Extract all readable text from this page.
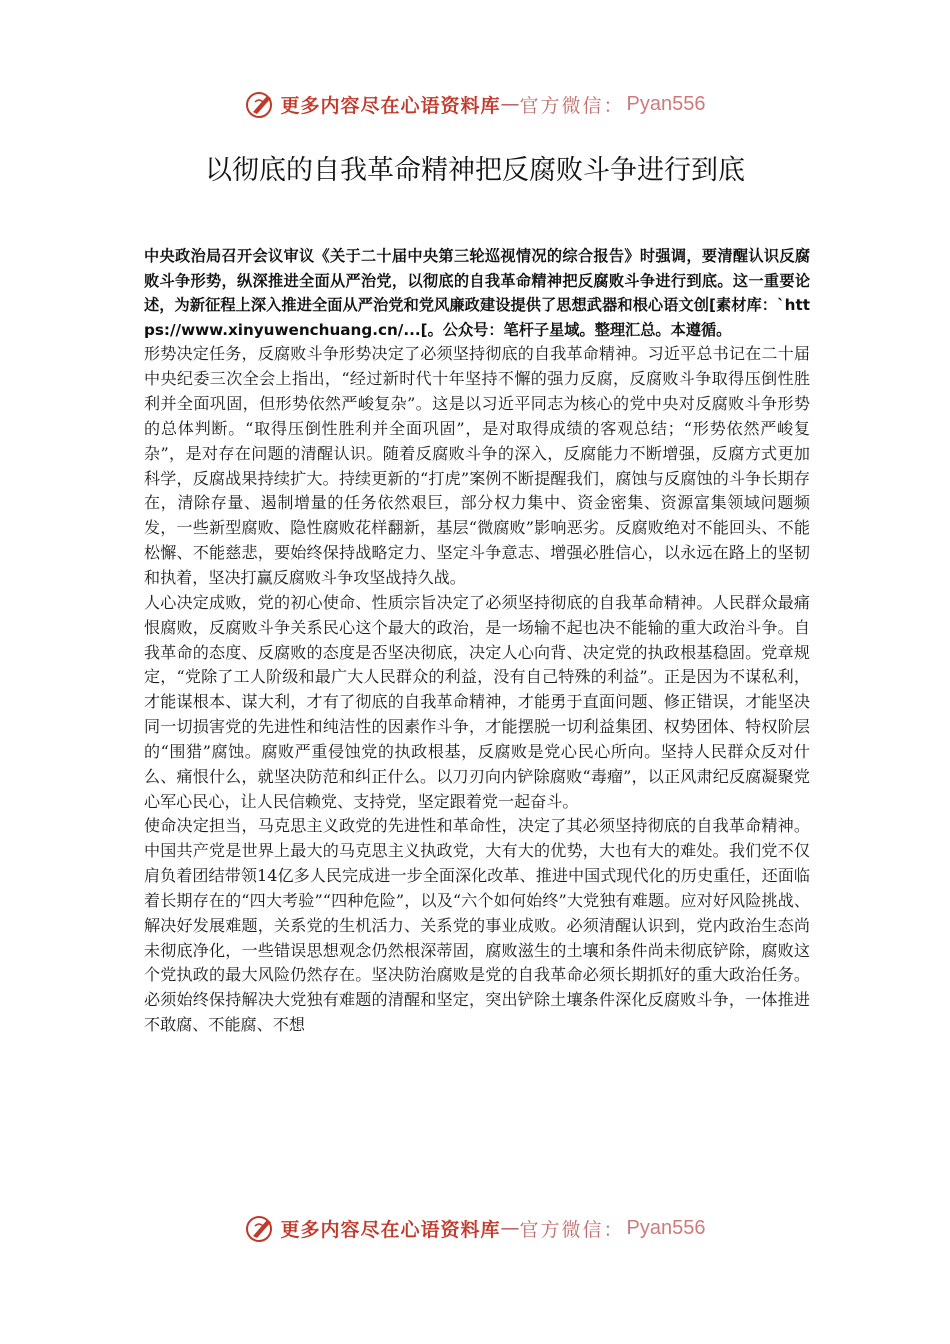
更多内容尽在心语资料库 — 官方微信： Pyan556
以彻底的自我革命精神把反腐败斗争进行到底

中央政治局召开会议审议《关于二十届中央第三轮巡视情况的综合报告》时强调，要清醒认识反腐败斗争形势，纵深推进全面从严治党，以彻底的自我革命精神把反腐败斗争进行到底。这一重要论述，为新征程上深入推进全面从严治党和党风廉政建设提供了思想武器和根心语文创[素材库：`https://www.xinyuwenchuang.cn/...[。公众号：笔杆子星域。整理汇总。本遵循。

形势决定任务，反腐败斗争形势决定了必须坚持彻底的自我革命精神。习近平总书记在二十届中央纪委三次全会上指出，“经过新时代十年坚持不懈的强力反腐，反腐败斗争取得压倒性胜利并全面巩固，但形势依然严峻复杂”。这是以习近平同志为核心的党中央对反腐败斗争形势的总体判断。“取得压倒性胜利并全面巩固”，是对取得成绩的客观总结；“形势依然严峻复杂”，是对存在问题的清醒认识。随着反腐败斗争的深入，反腐能力不断增强，反腐方式更加科学，反腐战果持续扩大。持续更新的“打虎”案例不断提醒我们，腐蚀与反腐蚀的斗争长期存在，清除存量、遏制增量的任务依然艰巨，部分权力集中、资金密集、资源富集领域问题频发，一些新型腐败、隐性腐败花样翻新，基层“微腐败”影响恶劣。反腐败绝对不能回头、不能松懈、不能慈悲，要始终保持战略定力、坚定斗争意志、增强必胜信心，以永远在路上的坚韧和执着，坚决打赢反腐败斗争攻坚战持久战。

人心决定成败，党的初心使命、性质宗旨决定了必须坚持彻底的自我革命精神。人民群众最痛恨腐败，反腐败斗争关系民心这个最大的政治，是一场输不起也决不能输的重大政治斗争。自我革命的态度、反腐败的态度是否坚决彻底，决定人心向背、决定党的执政根基稳固。党章规定，“党除了工人阶级和最广大人民群众的利益，没有自己特殊的利益”。正是因为不谋私利，才能谋根本、谋大利，才有了彻底的自我革命精神，才能勇于直面问题、修正错误，才能坚决同一切损害党的先进性和纯洁性的因素作斗争，才能摆脱一切利益集团、权势团体、特权阶层的“围猎”腐蚀。腐败严重侵蚀党的执政根基，反腐败是党心民心所向。坚持人民群众反对什么、痛恨什么，就坚决防范和纠正什么。以刀刃向内铲除腐败“毒瘤”，以正风肃纪反腐凝聚党心军心民心，让人民信赖党、支持党，坚定跟着党一起奋斗。

使命决定担当，马克思主义政党的先进性和革命性，决定了其必须坚持彻底的自我革命精神。中国共产党是世界上最大的马克思主义执政党，大有大的优势，大也有大的难处。我们党不仅肩负着团结带领14亿多人民完成进一步全面深化改革、推进中国式现代化的历史重任，还面临着长期存在的“四大考验”“四种危险”，以及“六个如何始终”大党独有难题。应对好风险挑战、解决好发展难题，关系党的生机活力、关系党的事业成败。必须清醒认识到，党内政治生态尚未彻底净化，一些错误思想观念仍然根深蒂固，腐败滋生的土壤和条件尚未彻底铲除，腐败这个党执政的最大风险仍然存在。坚决防治腐败是党的自我革命必须长期抓好的重大政治任务。必须始终保持解决大党独有难题的清醒和坚定，突出铲除土壤条件深化反腐败斗争，一体推进不敢腐、不能腐、不想

更多内容尽在心语资料库 — 官方微信： Pyan556
